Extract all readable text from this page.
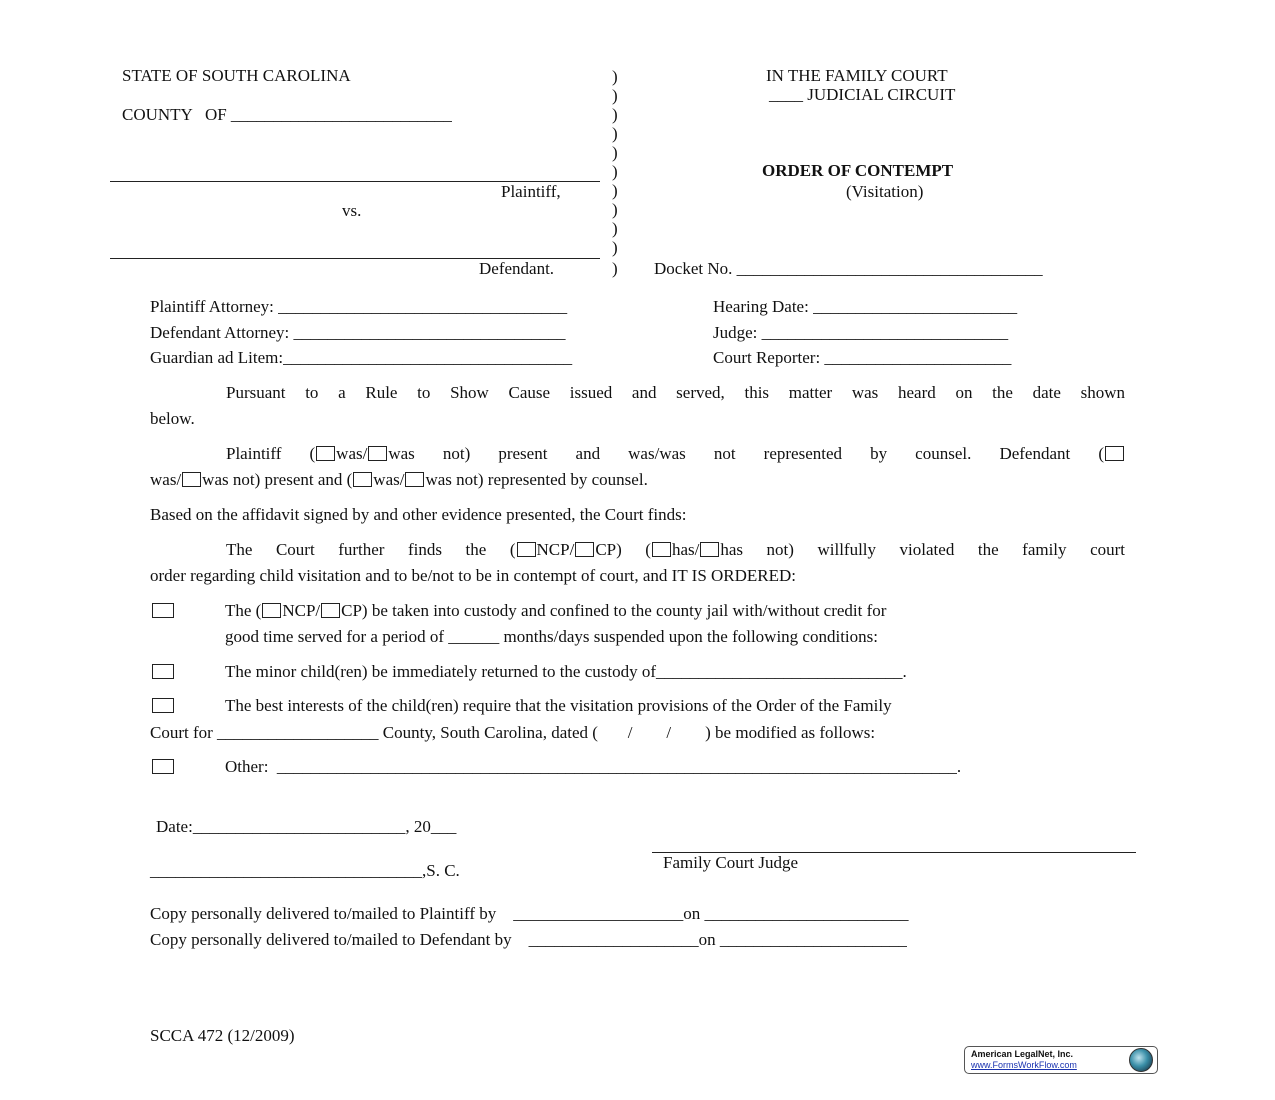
STATE OF SOUTH CAROLINA
COUNTY   OF __________________________
Plaintiff,
vs.
Defendant.
)
)
)
)
)
)
)
)
)
)
)
IN THE FAMILY COURT
____ JUDICIAL CIRCUIT
ORDER OF CONTEMPT
(Visitation)
Docket No. ____________________________________
Plaintiff Attorney: __________________________________
Defendant Attorney: ________________________________
Guardian ad Litem:__________________________________
Hearing Date: ________________________
Judge: _____________________________
Court Reporter: ______________________
Pursuant to a Rule to Show Cause issued and served, this matter was heard on the date shown
below.
Plaintiff ( was/ was not) present and was/was not represented by counsel. Defendant (
was/ was not) present and ( was/ was not) represented by counsel.
Based on the affidavit signed by and other evidence presented, the Court finds:
The Court further finds the ( NCP/ CP) ( has/ has not) willfully violated the family court
order regarding child visitation and to be/not to be in contempt of court, and IT IS ORDERED:
The ( NCP/ CP) be taken into custody and confined to the county jail with/without credit for
good time served for a period of ______ months/days suspended upon the following conditions:
The minor child(ren) be immediately returned to the custody of_____________________________.
The best interests of the child(ren) require that the visitation provisions of the Order of the Family
Court for ___________________ County, South Carolina, dated (       /        /        ) be modified as follows:
Other:  ________________________________________________________________________________.
Date:_________________________, 20___
Family Court Judge
________________________________,S. C.
Copy personally delivered to/mailed to Plaintiff by    ____________________on ________________________
Copy personally delivered to/mailed to Defendant by    ____________________on ______________________
SCCA 472 (12/2009)
American LegalNet, Inc.
www.FormsWorkFlow.com
